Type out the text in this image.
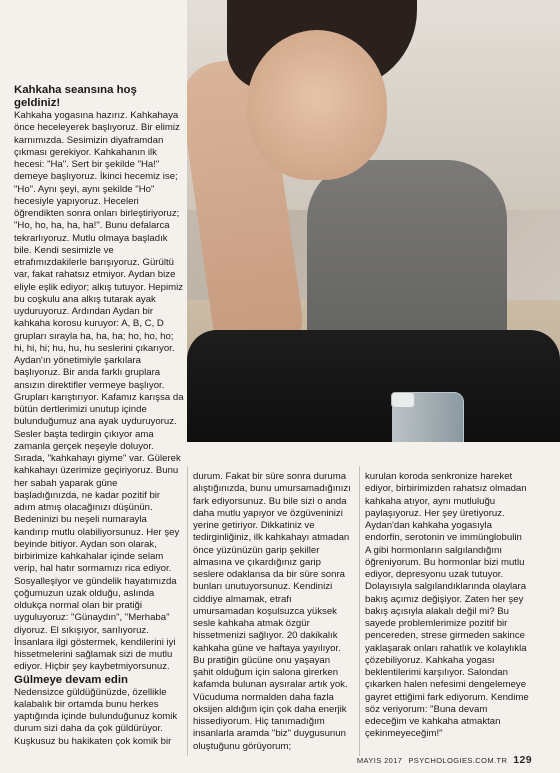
Kahkaha seansına hoş geldiniz!

Kahkaha yogasına hazırız. Kahkahaya önce heceleyerek başlıyoruz. Bir elimiz karnımızda. Sesimizin diyaframdan çıkması gerekiyor. Kahkahanın ilk hecesi: "Ha". Sert bir şekilde "Ha!" demeye başlıyoruz. İkinci hecemiz ise; "Ho". Aynı şeyi, aynı şekilde "Ho" hecesiyle yapıyoruz. Heceleri öğrendikten sonra onları birleştiriyoruz; "Ho, ho, ha, ha, ha!". Bunu defalarca tekrarlıyoruz. Mutlu olmaya başladık bile. Kendi sesimizle ve etrafımızdakilerle barışıyoruz. Gürültü var, fakat rahatsız etmiyor. Aydan bize eliyle eşlik ediyor; alkış tutuyor. Hepimiz bu coşkulu ana alkış tutarak ayak uyduruyoruz. Ardından Aydan bir kahkaha korosu kuruyor: A, B, C, D grupları sırayla ha, ha, ha; ho, ho, ho; hi, hi, hi; hu, hu, hu seslerini çıkarıyor. Aydan'ın yönetimiyle şarkılara başlıyoruz. Bir anda farklı gruplara ansızın direktifler vermeye başlıyor. Grupları karıştırıyor. Kafamız karışsa da bütün dertlerimizi unutup içinde bulunduğumuz ana ayak uyduruyoruz. Sesler başta tedirgin çıkıyor ama zamanla gerçek neşeyle doluyor. Sırada, "kahkahayı giyme" var. Gülerek kahkahayı üzerimize geçiriyoruz. Bunu her sabah yaparak güne başladığınızda, ne kadar pozitif bir adım atmış olacağınızı düşünün. Bedeninizi bu neşeli numarayla kandırıp mutlu olabiliyorsunuz. Her şey beyinde bitiyor. Aydan son olarak, birbirimize kahkahalar içinde selam verip, hal hatır sormamızı rica ediyor. Sosyalleşiyor ve gündelik hayatımızda çoğumuzun uzak olduğu, aslında oldukça normal olan bir pratiği uyguluyoruz: "Günaydın", "Merhaba" diyoruz. El sıkışıyor, sarılıyoruz. İnsanlara ilgi göstermek, kendilerini iyi hissetmelerini sağlamak sizi de mutlu ediyor. Hiçbir şey kaybetmiyorsunuz.

Gülmeye devam edin

Nedensizce güldüğünüzde, özellikle kalabalık bir ortamda bunu herkes yaptığında içinde bulunduğunuz komik durum sizi daha da çok güldürüyor. Kuşkusuz bu hakikaten çok komik bir

durum. Fakat bir süre sonra duruma alıştığınızda, bunu umursamadığınızı fark ediyorsunuz. Bu bile sizi o anda daha mutlu yapıyor ve özgüveninizi yerine getiriyor. Dikkatiniz ve tedirginliğiniz, ilk kahkahayı atmadan önce yüzünüzün garip şekiller almasına ve çıkardığınız garip seslere odaklansa da bir süre sonra bunları unutuyorsunuz. Kendinizi ciddiye almamak, etrafı umursamadan koşulsuzca yüksek sesle kahkaha atmak özgür hissetmenizi sağlıyor. 20 dakikalık kahkaha güne ve haftaya yayılıyor. Bu pratiğin gücüne onu yaşayan şahit olduğum için salona girerken kafamda bulunan aysıralar artık yok. Vücuduma normalden daha fazla oksijen aldığım için çok daha enerjik hissediyorum. Hiç tanımadığım insanlarla aramda "biz" duygusunun oluştuğunu görüyorum;

kurulan koroda senkronize hareket ediyor, birbirimizden rahatsız olmadan kahkaha atıyor, aynı mutluluğu paylaşıyoruz. Her şey üretiyoruz. Aydan'dan kahkaha yogasıyla endorfin, serotonin ve immünglobulin A gibi hormonların salgılandığını öğreniyorum. Bu hormonlar bizi mutlu ediyor, depresyonu uzak tutuyor. Dolayısıyla salgılandıklarında olaylara bakış açımız değişiyor. Zaten her şey bakış açısıyla alakalı değil mi? Bu sayede problemlerimize pozitif bir pencereden, strese girmeden sakince yaklaşarak onları rahatlık ve kolaylıkla çözebiliyoruz. Kahkaha yogası beklentilerimi karşılıyor. Salondan çıkarken halen nefesimi dengelemeye gayret ettiğimi fark ediyorum. Kendime söz veriyorum: "Buna devam edeceğim ve kahkaha atmaktan çekinmeyeceğim!"

MAYIS 2017 PSYCHOLOGIES.COM.TR 129
